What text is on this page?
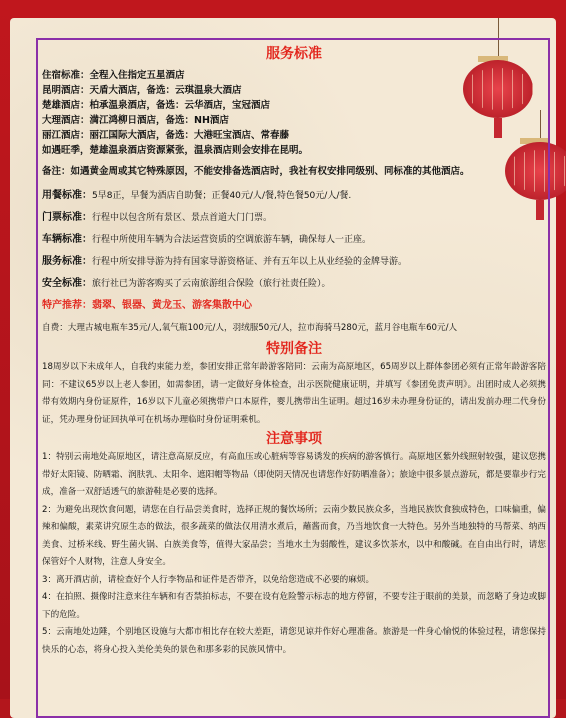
服务标准

住宿标准：全程入住指定五星酒店

昆明酒店：天盾大酒店，备选：云琪温泉大酒店

楚雄酒店：柏承温泉酒店，备选：云华酒店，宝冠酒店

大理酒店：満江鸿柳日酒店，备选：NH酒店

丽江酒店：丽江国际大酒店，备选：大港旺宝酒店、常春藤

如遇旺季，楚雄温泉酒店资源紧张，温泉酒店则会安排在昆明。

备注：如遇黄金周或其它特殊原因，不能安排备选酒店时，我社有权安排同级别、同标准的其他酒店。

用餐标准：5早8正，早餐为酒店自助餐；正餐40元/人/餐,特色餐50元/人/餐.

门票标准：行程中以包含所有景区、景点首道大门门票。

车辆标准：行程中所使用车辆为合法运营资质的空调旅游车辆，确保每人一正座。

服务标准：行程中所安排导游为持有国家导游资格证、并有五年以上从业经验的金牌导游。

安全标准：旅行社已为游客购买了云南旅游组合保险（旅行社责任险）。

特产推荐：翡翠、银器、黄龙玉、游客集散中心

自费：大理古城电瓶车35元/人,氧气瓶100元/人，羽绒服50元/人，拉市海骑马280元，蓝月谷电瓶车60元/人

特别备注

18周岁以下未成年人，自我约束能力差，参团安排正常年龄游客陪同：云南为高原地区，65周岁以上群体参团必须有正常年龄游客陪同：不建议65岁以上老人参团，如需参团，请一定做好身体检查，出示医院健康证明，并填写《参团免责声明》。出团时成人必须携带有效期内身份证原件，16岁以下儿童必须携带户口本原件，婴儿携带出生证明。超过16岁未办理身份证的，请出发前办理二代身份证，凭办理身份证回执单可在机场办理临时身份证明乘机。

注意事项

1：特别云南地处高原地区，请注意高原反应，有高血压或心脏病等容易诱发的疾病的游客慎行。高原地区紫外线照射较强，建议您携带好太阳镜、防晒霜、润肤乳、太阳伞、遮阳帽等物品（即使阴天情况也请您作好防晒准备）；旅途中很多景点游玩，都是要靠步行完成，准备一双舒适透气的旅游鞋是必要的选择。

2：为避免出现饮食问题，请您在自行品尝美食时，选择正规的餐饮场所；云南少数民族众多，当地民族饮食独成特色，口味偏重，偏辣和偏酸，素菜讲究原生态的做法，很多蔬菜的做法仅用清水煮后，蘸酱而食，乃当地饮食一大特色。另外当地独特的马帮菜、纳西美食、过桥米线、野生菌火锅、白族美食等，值得大家品尝；当地水土为弱酸性，建议多饮茶水，以中和酸碱。在自由出行时，请您保管好个人财物，注意人身安全。

3：离开酒店前，请检查好个人行李物品和证件是否带齐，以免给您造成不必要的麻烦。

4：在拍照、摄像时注意来往车辆和有否禁拍标志，不要在设有危险警示标志的地方停留，不要专注于眼前的美景，而忽略了身边或脚下的危险。

5：云南地处边陲，个别地区设施与大都市相比存在较大差距，请您见谅并作好心理准备。旅游是一件身心愉悦的体验过程，请您保持快乐的心态，将身心投入美伦美奂的景色和那多彩的民族风情中。
